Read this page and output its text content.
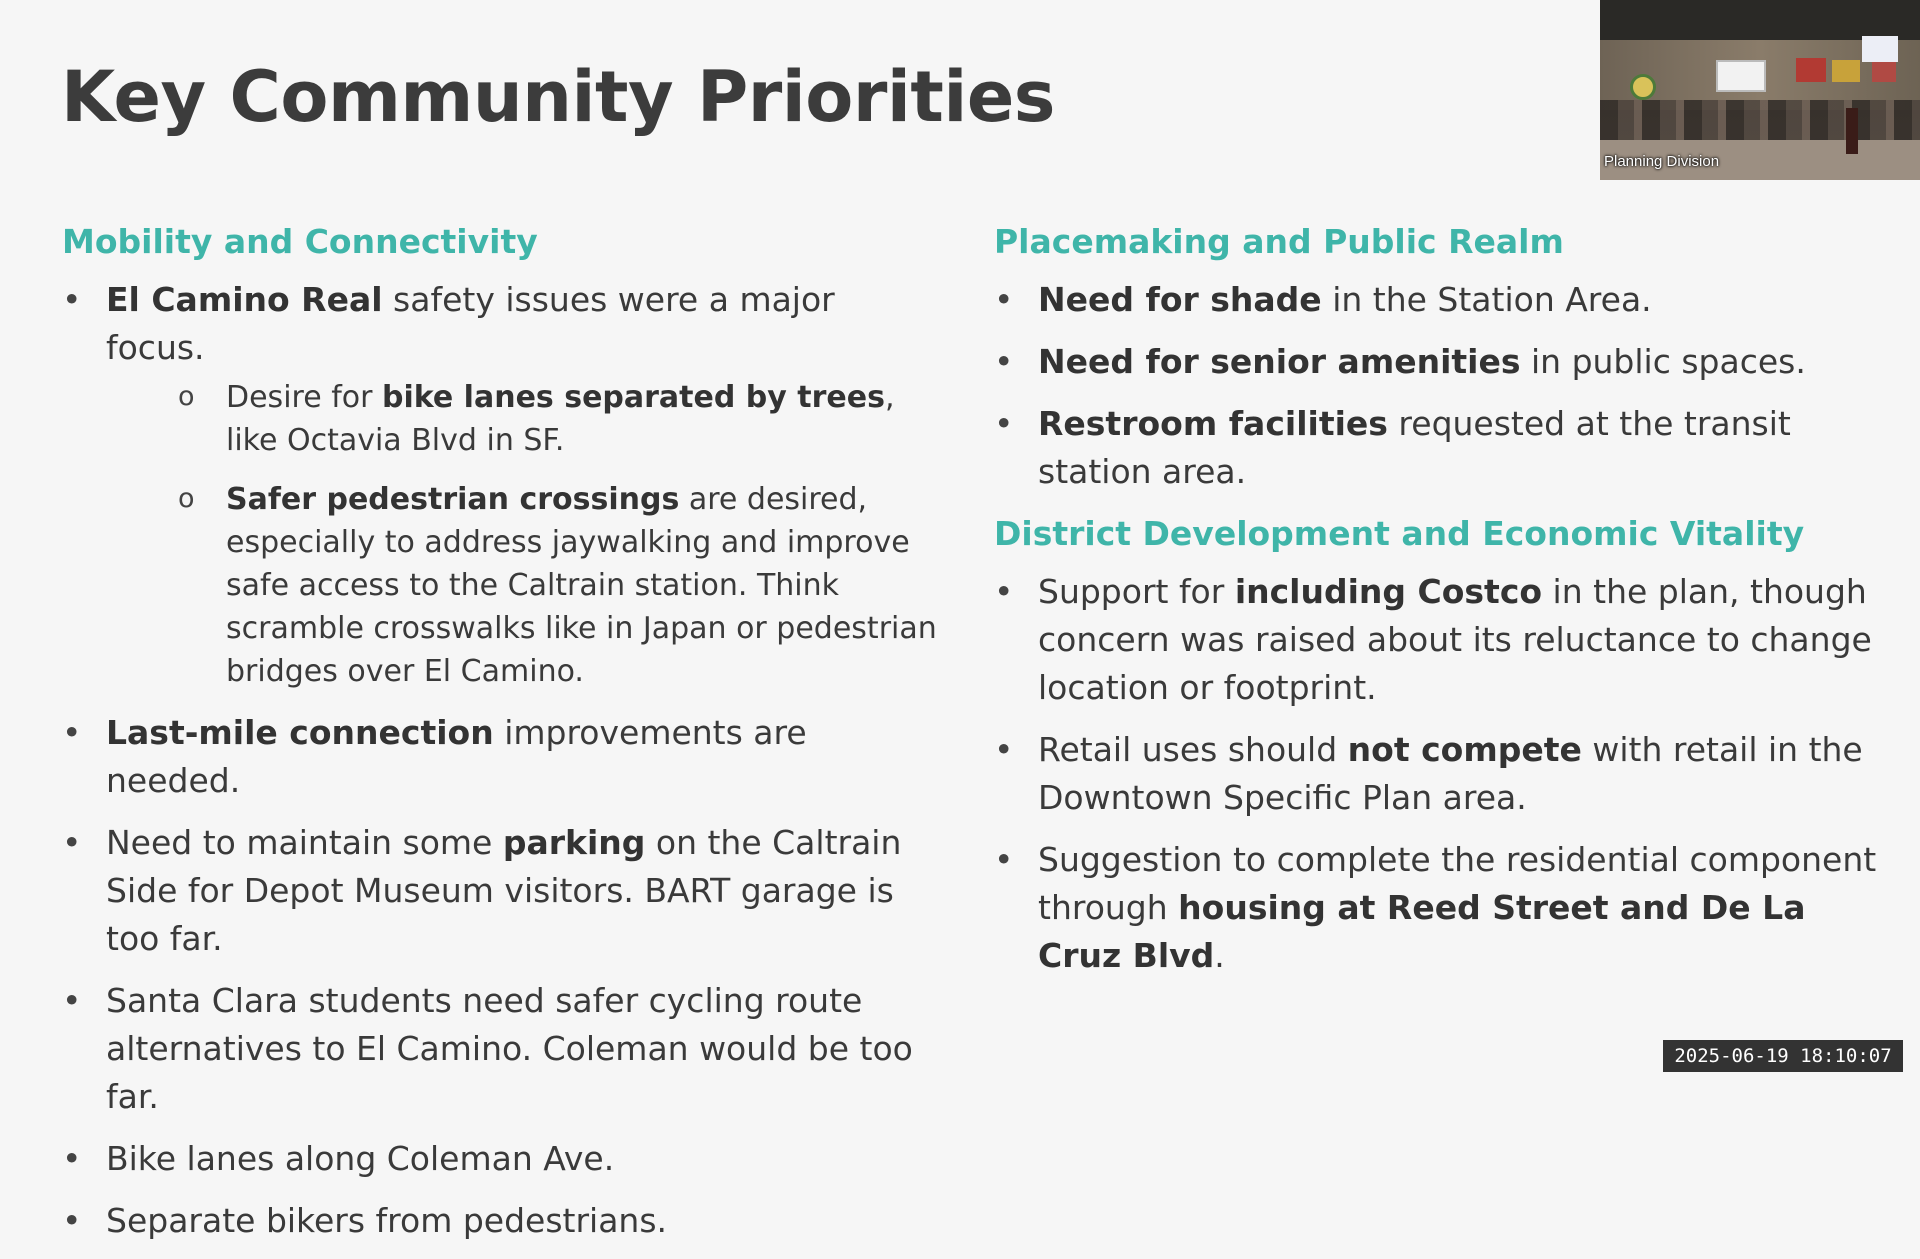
Key Community Priorities
Mobility and Connectivity
• El Camino Real safety issues were a major focus.
o Desire for bike lanes separated by trees, like Octavia Blvd in SF.
o Safer pedestrian crossings are desired, especially to address jaywalking and improve safe access to the Caltrain station. Think scramble crosswalks like in Japan or pedestrian bridges over El Camino.
• Last-mile connection improvements are needed.
• Need to maintain some parking on the Caltrain Side for Depot Museum visitors. BART garage is too far.
• Santa Clara students need safer cycling route alternatives to El Camino. Coleman would be too far.
• Bike lanes along Coleman Ave.
• Separate bikers from pedestrians.
Placemaking and Public Realm
• Need for shade in the Station Area.
• Need for senior amenities in public spaces.
• Restroom facilities requested at the transit station area.
District Development and Economic Vitality
• Support for including Costco in the plan, though concern was raised about its reluctance to change location or footprint.
• Retail uses should not compete with retail in the Downtown Specific Plan area.
• Suggestion to complete the residential component through housing at Reed Street and De La Cruz Blvd.
Planning Division
2025-06-19 18:10:07
